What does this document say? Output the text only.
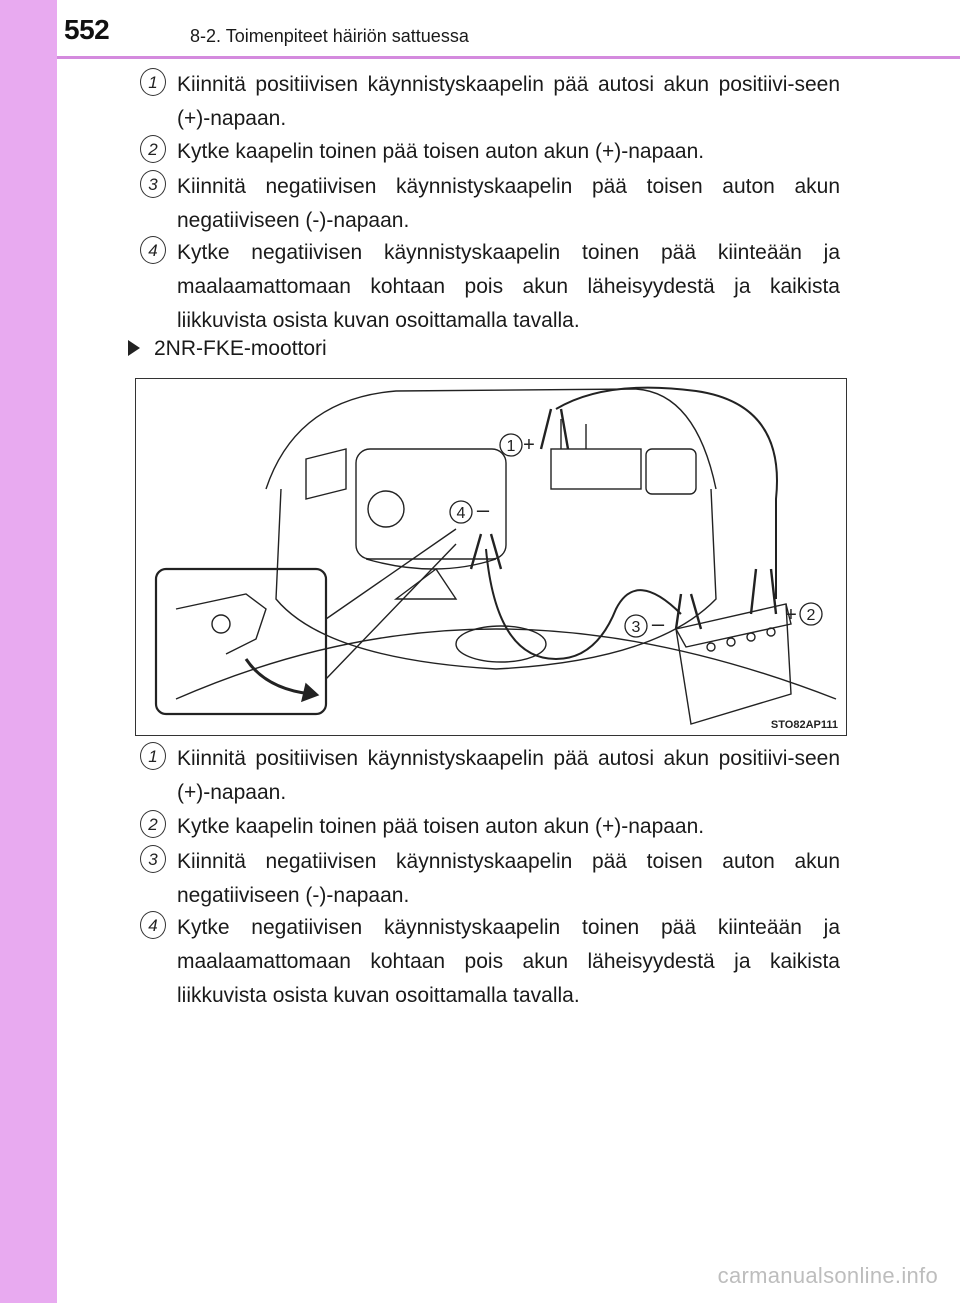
552	8-2. Toimenpiteet häiriön sattuessa
1 Kiinnitä positiivisen käynnistyskaapelin pää autosi akun positiivi-seen (+)-napaan.
2 Kytke kaapelin toinen pää toisen auton akun (+)-napaan.
3 Kiinnitä negatiivisen käynnistyskaapelin pää toisen auton akun negatiiviseen (-)-napaan.
4 Kytke negatiivisen käynnistyskaapelin toinen pää kiinteään ja maalaamattomaan kohtaan pois akun läheisyydestä ja kaikista liikkuvista osista kuvan osoittamalla tavalla.
2NR-FKE-moottori
1 +
2
+
3 –
4 –
STO82AP111
1 Kiinnitä positiivisen käynnistyskaapelin pää autosi akun positiivi-seen (+)-napaan.
2 Kytke kaapelin toinen pää toisen auton akun (+)-napaan.
3 Kiinnitä negatiivisen käynnistyskaapelin pää toisen auton akun negatiiviseen (-)-napaan.
4 Kytke negatiivisen käynnistyskaapelin toinen pää kiinteään ja maalaamattomaan kohtaan pois akun läheisyydestä ja kaikista liikkuvista osista kuvan osoittamalla tavalla.
carmanualsonline.info
